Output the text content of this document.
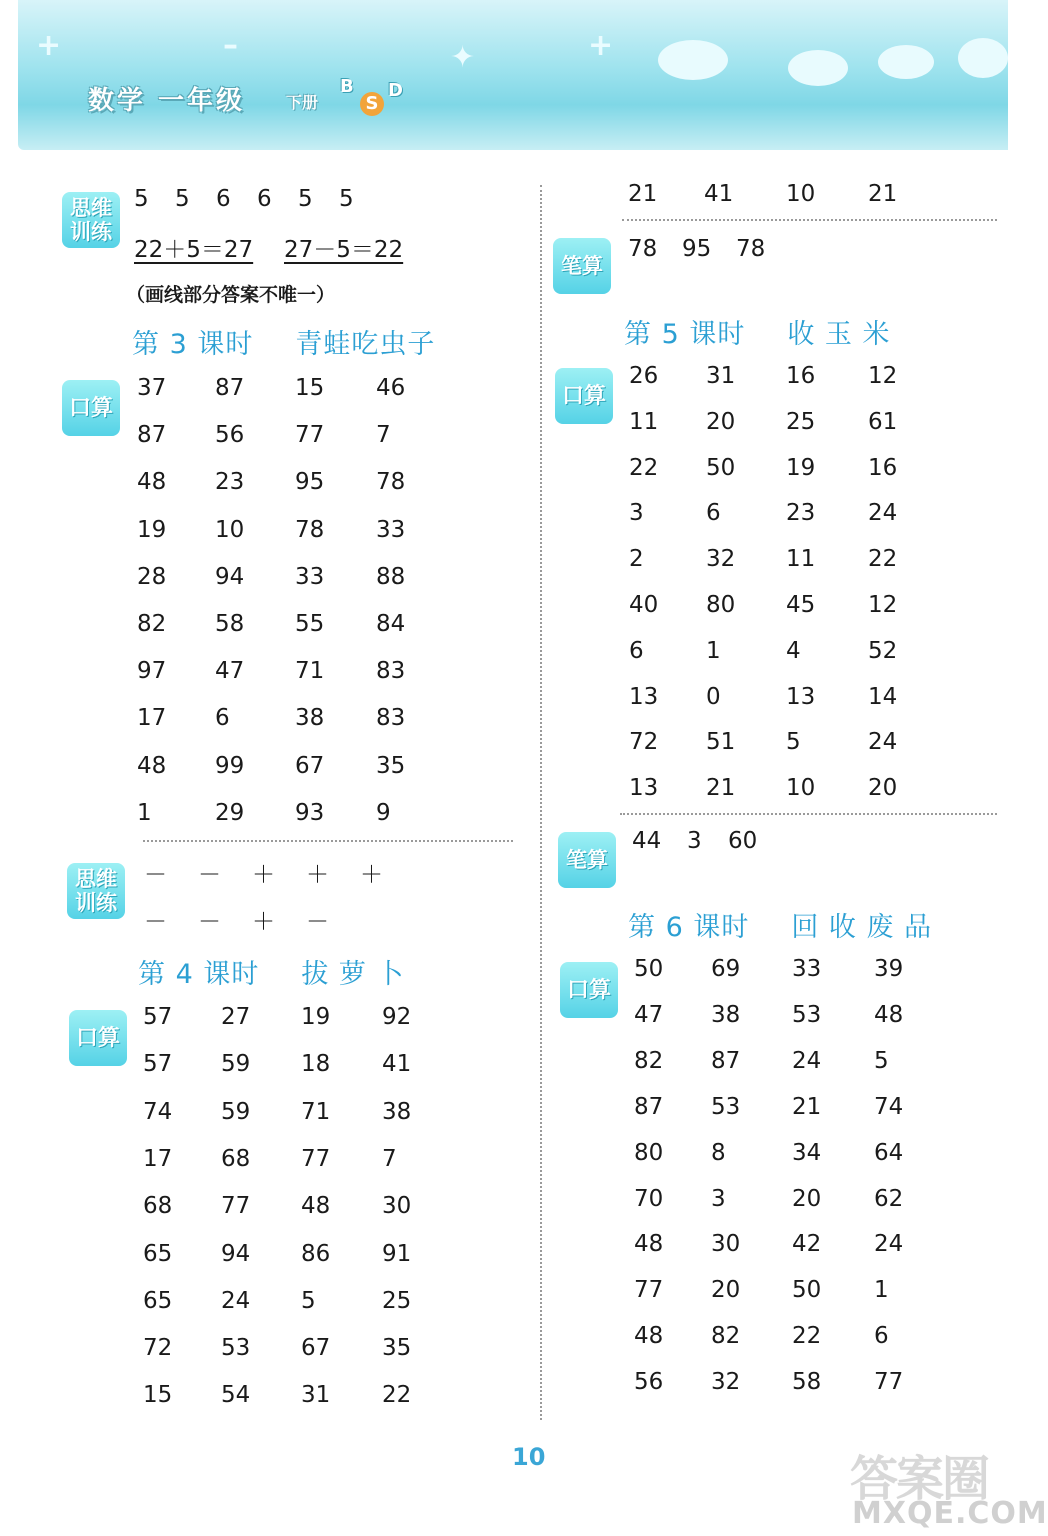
+	–	✦	+
数学 一年级	下册
B
S
D
思维训练
5 5 6 6 5 5
22＋5＝27 27－5＝22
（画线部分答案不唯一）
第 3 课时 青蛙吃虫子
口算
37 87 15 46
87 56 77 7
48 23 95 78
19 10 78 33
28 94 33 88
82 58 55 84
97 47 71 83
17 6	38 83
48 99 67 35
1	29 93 9
思维训练
－ － ＋ ＋ ＋
－ － ＋ －
第 4 课时 拔 萝 卜
口算
57 27 19 92
57 59 18 41
74 59 71 38
17 68 77 7
68 77 48 30
65 94 86 91
65 24 5	25
72 53 67 35
15 54 31 22
21 41 10 21
笔算
78 95 78
第 5 课时 收 玉 米
口算
26 31 16 12
11 20 25 61
22 50 19 16
3	6	23 24
2	32 11 22
40 80 45 12
6	1	4	52
13 0	13 14
72 51 5	24
13 21 10 20
笔算
44 3 60
第 6 课时 回 收 废 品
口算
50 69 33 39
47 38 53 48
82 87 24 5
87 53 21 74
80 8	34 64
70 3	20 62
48 30 42 24
77 20 50 1
48 82 22 6
56 32 58 77
10	答案圈
MXQE.COM
